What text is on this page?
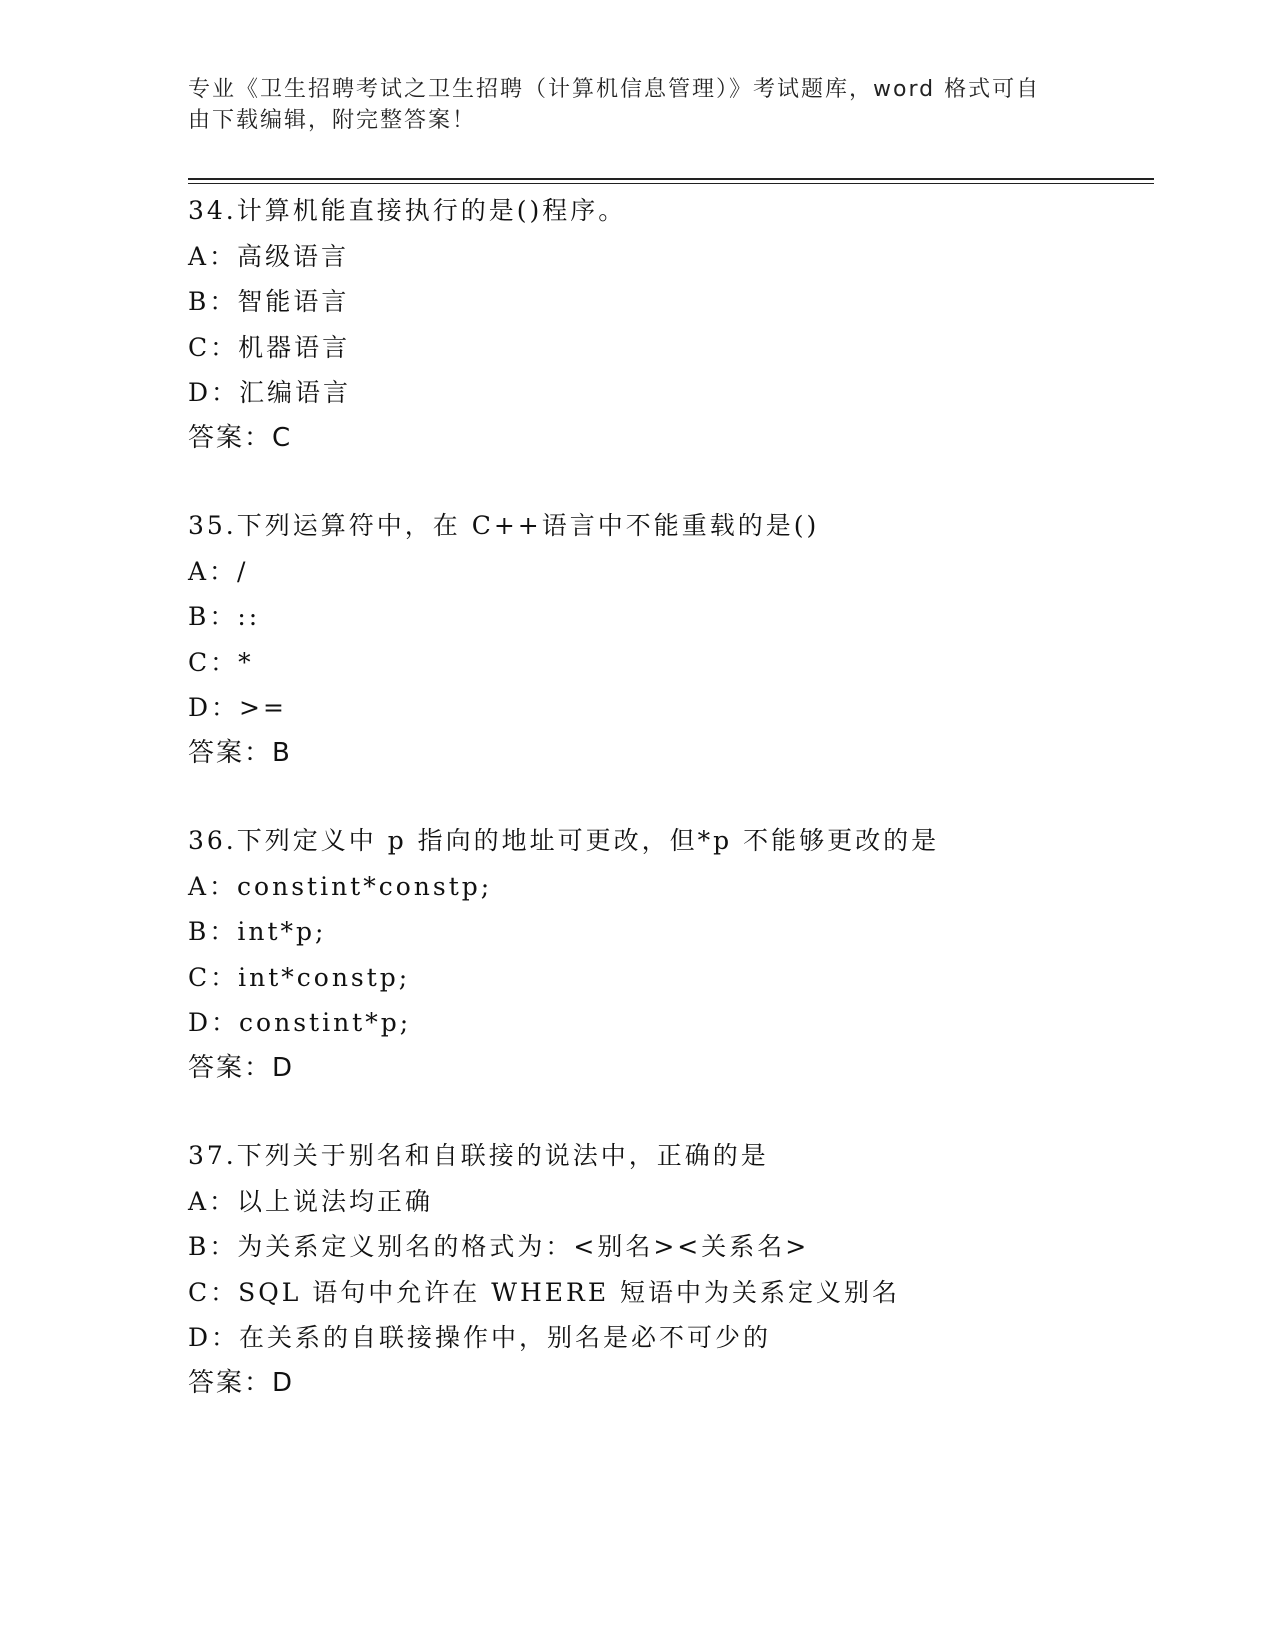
专业《卫生招聘考试之卫生招聘（计算机信息管理）》考试题库，word 格式可自
由下载编辑，附完整答案！
34.计算机能直接执行的是()程序。
A：高级语言
B：智能语言
C：机器语言
D：汇编语言
答案：C
35.下列运算符中，在 C++语言中不能重载的是()
A：/
B：::
C：*
D：>=
答案：B
36.下列定义中 p 指向的地址可更改，但*p 不能够更改的是
A：constint*constp;
B：int*p;
C：int*constp;
D：constint*p;
答案：D
37.下列关于别名和自联接的说法中，正确的是
A：以上说法均正确
B：为关系定义别名的格式为：<别名><关系名>
C：SQL 语句中允许在 WHERE 短语中为关系定义别名
D：在关系的自联接操作中，别名是必不可少的
答案：D
